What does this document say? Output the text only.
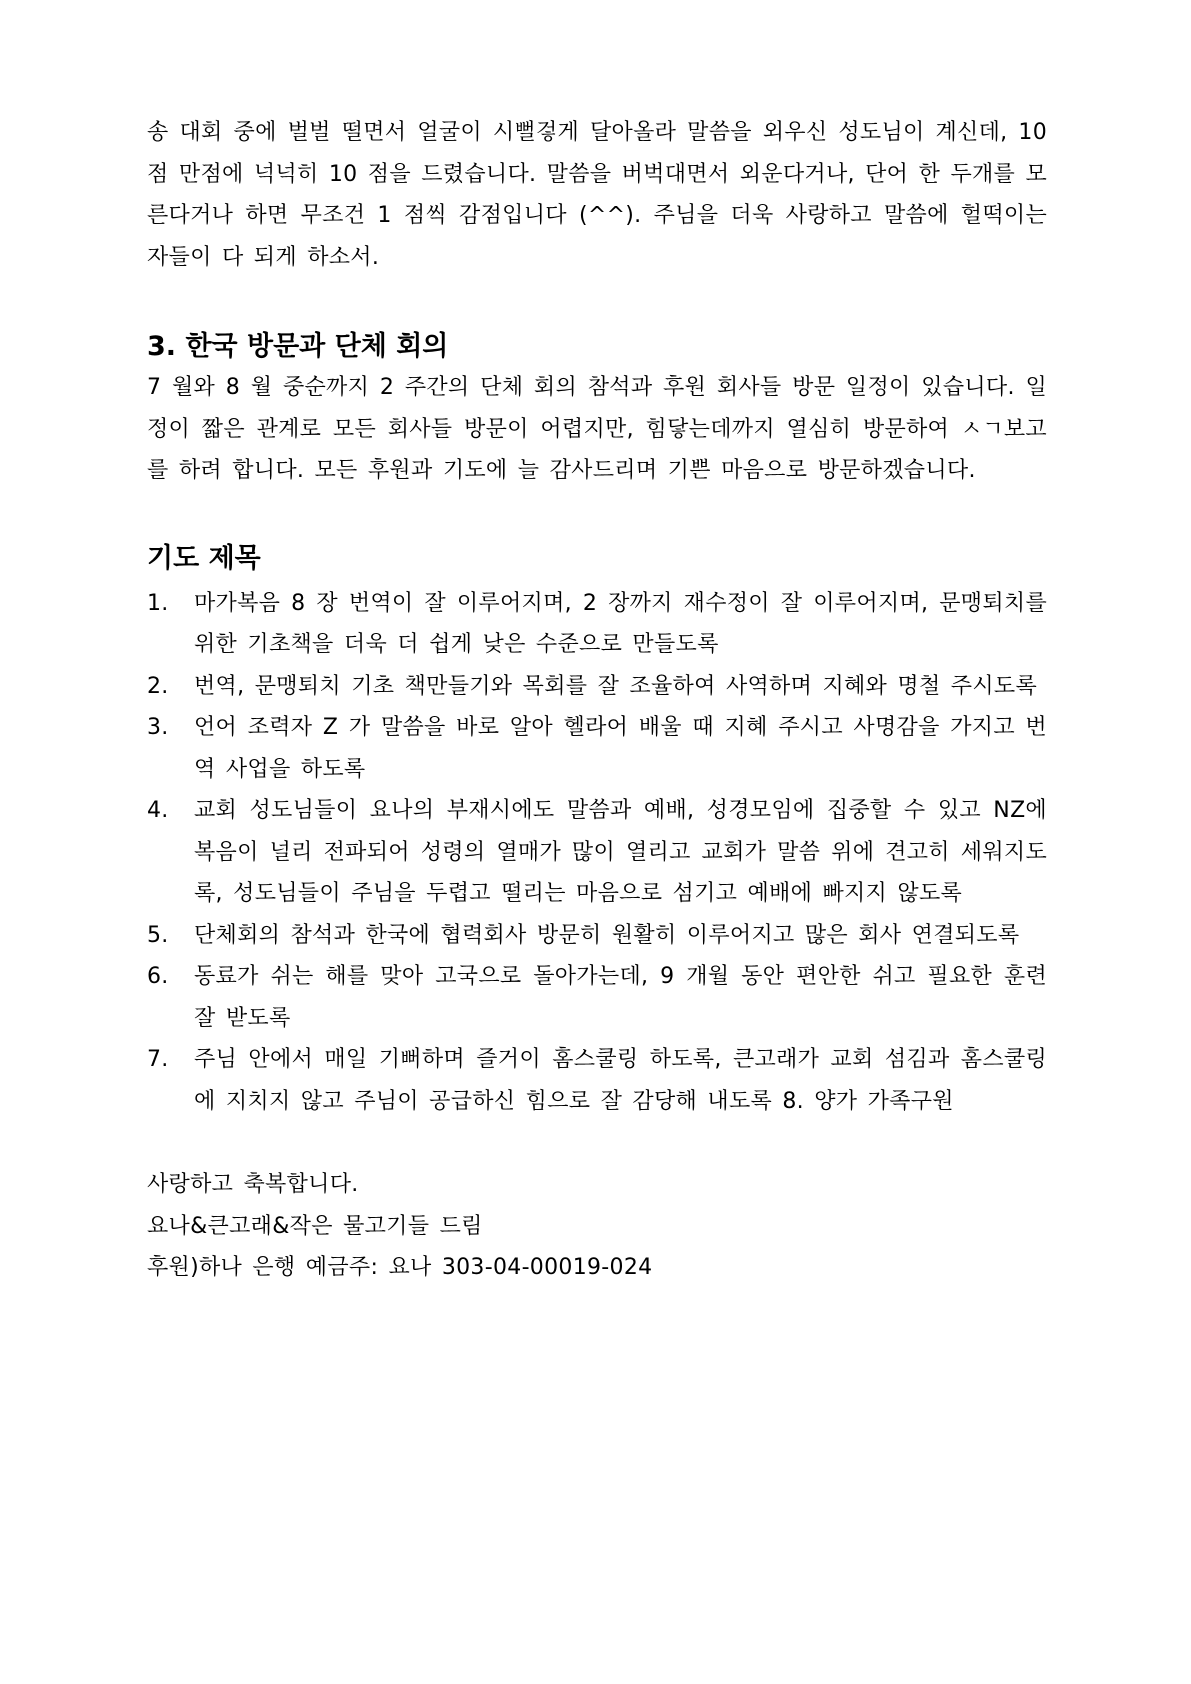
송 대회 중에 벌벌 떨면서 얼굴이 시뻘겋게 달아올라 말씀을 외우신 성도님이 계신데, 10 점 만점에 넉넉히 10 점을 드렸습니다. 말씀을 버벅대면서 외운다거나, 단어 한 두개를 모른다거나 하면 무조건 1 점씩 감점입니다 (^^). 주님을 더욱 사랑하고 말씀에 헐떡이는 자들이 다 되게 하소서.

3. 한국 방문과 단체 회의

7 월와 8 월 중순까지 2 주간의 단체 회의 참석과 후원 회사들 방문 일정이 있습니다. 일정이 짧은 관계로 모든 회사들 방문이 어렵지만, 힘닿는데까지 열심히 방문하여 ㅅㄱ보고를 하려 합니다. 모든 후원과 기도에 늘 감사드리며 기쁜 마음으로 방문하겠습니다.

기도 제목
1. 마가복음 8 장 번역이 잘 이루어지며, 2 장까지 재수정이 잘 이루어지며, 문맹퇴치를 위한 기초책을 더욱 더 쉽게 낮은 수준으로 만들도록
2. 번역, 문맹퇴치 기초 책만들기와 목회를 잘 조율하여 사역하며 지혜와 명철 주시도록
3. 언어 조력자 Z 가 말씀을 바로 알아 헬라어 배울 때 지혜 주시고 사명감을 가지고 번역 사업을 하도록
4. 교회 성도님들이 요나의 부재시에도 말씀과 예배, 성경모임에 집중할 수 있고 NZ에 복음이 널리 전파되어 성령의 열매가 많이 열리고 교회가 말씀 위에 견고히 세워지도록, 성도님들이 주님을 두렵고 떨리는 마음으로 섬기고 예배에 빠지지 않도록
5. 단체회의 참석과 한국에 협력회사 방문히 원활히 이루어지고 많은 회사 연결되도록
6. 동료가 쉬는 해를 맞아 고국으로 돌아가는데, 9 개월 동안 편안한 쉬고 필요한 훈련 잘 받도록
7. 주님 안에서 매일 기뻐하며 즐거이 홈스쿨링 하도록, 큰고래가 교회 섬김과 홈스쿨링에 지치지 않고 주님이 공급하신 힘으로 잘 감당해 내도록 8. 양가 가족구원

사랑하고 축복합니다.

요나&큰고래&작은 물고기들 드림

후원)하나 은행 예금주: 요나 303-04-00019-024
